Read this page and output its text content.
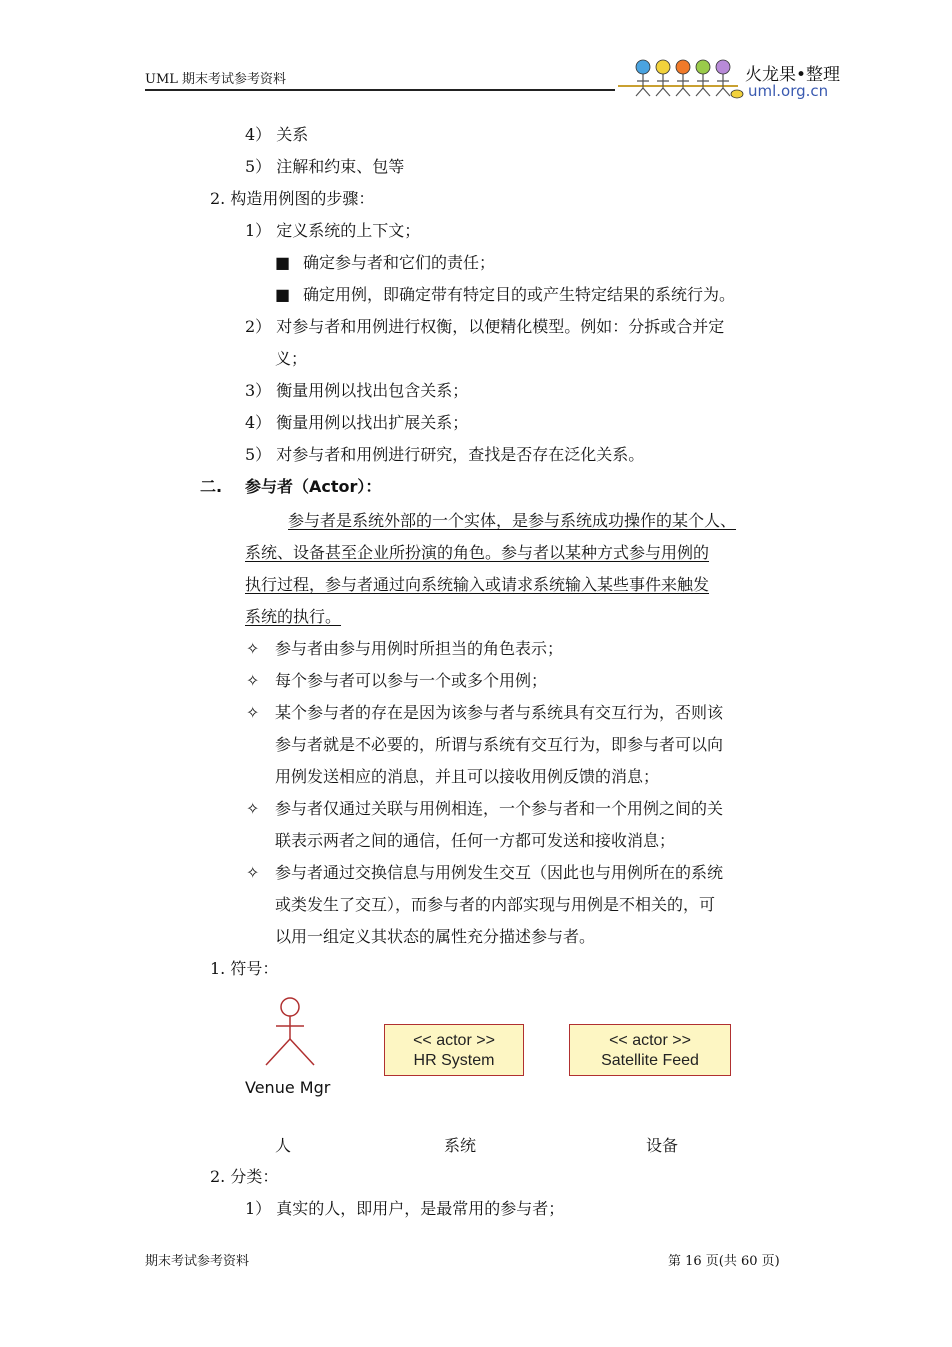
UML 期末考试参考资料	火龙果•整理
uml.org.cn
4） 关系
5） 注解和约束、包等
2. 构造用例图的步骤：
1） 定义系统的上下文；
■ 确定参与者和它们的责任；
■ 确定用例，即确定带有特定目的或产生特定结果的系统行为。
2） 对参与者和用例进行权衡，以便精化模型。例如：分拆或合并定
义；
3） 衡量用例以找出包含关系；
4） 衡量用例以找出扩展关系；
5） 对参与者和用例进行研究，查找是否存在泛化关系。
二. 参与者（Actor）：
参与者是系统外部的一个实体，是参与系统成功操作的某个人、
系统、设备甚至企业所扮演的角色。参与者以某种方式参与用例的
执行过程，参与者通过向系统输入或请求系统输入某些事件来触发
系统的执行。
✧ 参与者由参与用例时所担当的角色表示；
✧ 每个参与者可以参与一个或多个用例；
✧ 某个参与者的存在是因为该参与者与系统具有交互行为，否则该
参与者就是不必要的，所谓与系统有交互行为，即参与者可以向
用例发送相应的消息，并且可以接收用例反馈的消息；
✧ 参与者仅通过关联与用例相连，一个参与者和一个用例之间的关
联表示两者之间的通信，任何一方都可发送和接收消息；
✧ 参与者通过交换信息与用例发生交互（因此也与用例所在的系统
或类发生了交互），而参与者的内部实现与用例是不相关的，可
以用一组定义其状态的属性充分描述参与者。
1. 符号：
Venue Mgr
<< actor >>
HR System
<< actor >>
Satellite Feed
人	系统	设备
2. 分类：
1） 真实的人，即用户，是最常用的参与者；
期末考试参考资料	第 16 页(共 60 页)
